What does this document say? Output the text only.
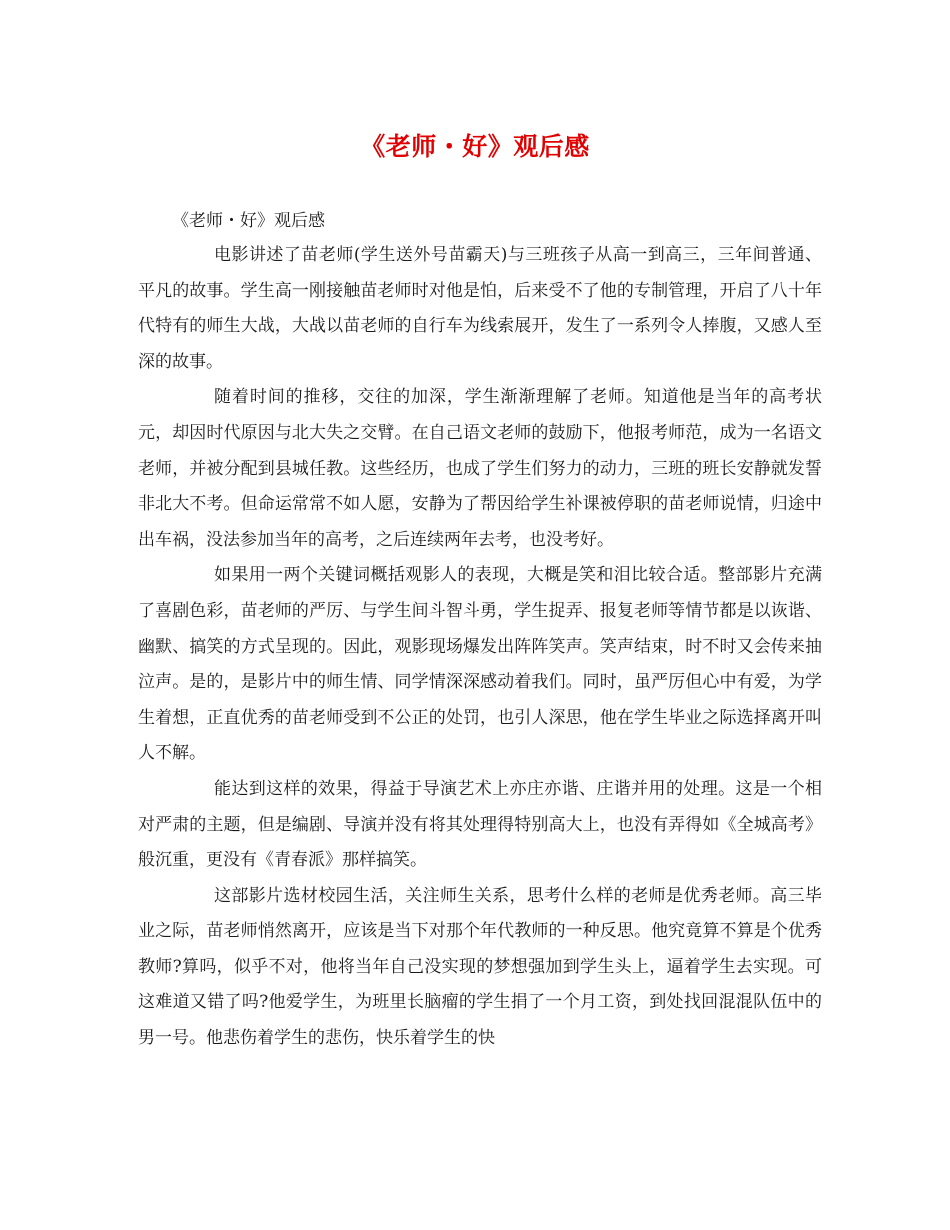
《老师・好》观后感
《老师・好》观后感

电影讲述了苗老师(学生送外号苗霸天)与三班孩子从高一到高三，三年间普通、平凡的故事。学生高一刚接触苗老师时对他是怕，后来受不了他的专制管理，开启了八十年代特有的师生大战，大战以苗老师的自行车为线索展开，发生了一系列令人捧腹，又感人至深的故事。

随着时间的推移，交往的加深，学生渐渐理解了老师。知道他是当年的高考状元，却因时代原因与北大失之交臂。在自己语文老师的鼓励下，他报考师范，成为一名语文老师，并被分配到县城任教。这些经历，也成了学生们努力的动力，三班的班长安静就发誓非北大不考。但命运常常不如人愿，安静为了帮因给学生补课被停职的苗老师说情，归途中出车祸，没法参加当年的高考，之后连续两年去考，也没考好。

如果用一两个关键词概括观影人的表现，大概是笑和泪比较合适。整部影片充满了喜剧色彩，苗老师的严厉、与学生间斗智斗勇，学生捉弄、报复老师等情节都是以诙谐、幽默、搞笑的方式呈现的。因此，观影现场爆发出阵阵笑声。笑声结束，时不时又会传来抽泣声。是的，是影片中的师生情、同学情深深感动着我们。同时，虽严厉但心中有爱，为学生着想，正直优秀的苗老师受到不公正的处罚，也引人深思，他在学生毕业之际选择离开叫人不解。

能达到这样的效果，得益于导演艺术上亦庄亦谐、庄谐并用的处理。这是一个相对严肃的主题，但是编剧、导演并没有将其处理得特别高大上，也没有弄得如《全城高考》般沉重，更没有《青春派》那样搞笑。

这部影片选材校园生活，关注师生关系，思考什么样的老师是优秀老师。高三毕业之际，苗老师悄然离开，应该是当下对那个年代教师的一种反思。他究竟算不算是个优秀教师?算吗，似乎不对，他将当年自己没实现的梦想强加到学生头上，逼着学生去实现。可这难道又错了吗?他爱学生，为班里长脑瘤的学生捐了一个月工资，到处找回混混队伍中的男一号。他悲伤着学生的悲伤，快乐着学生的快
